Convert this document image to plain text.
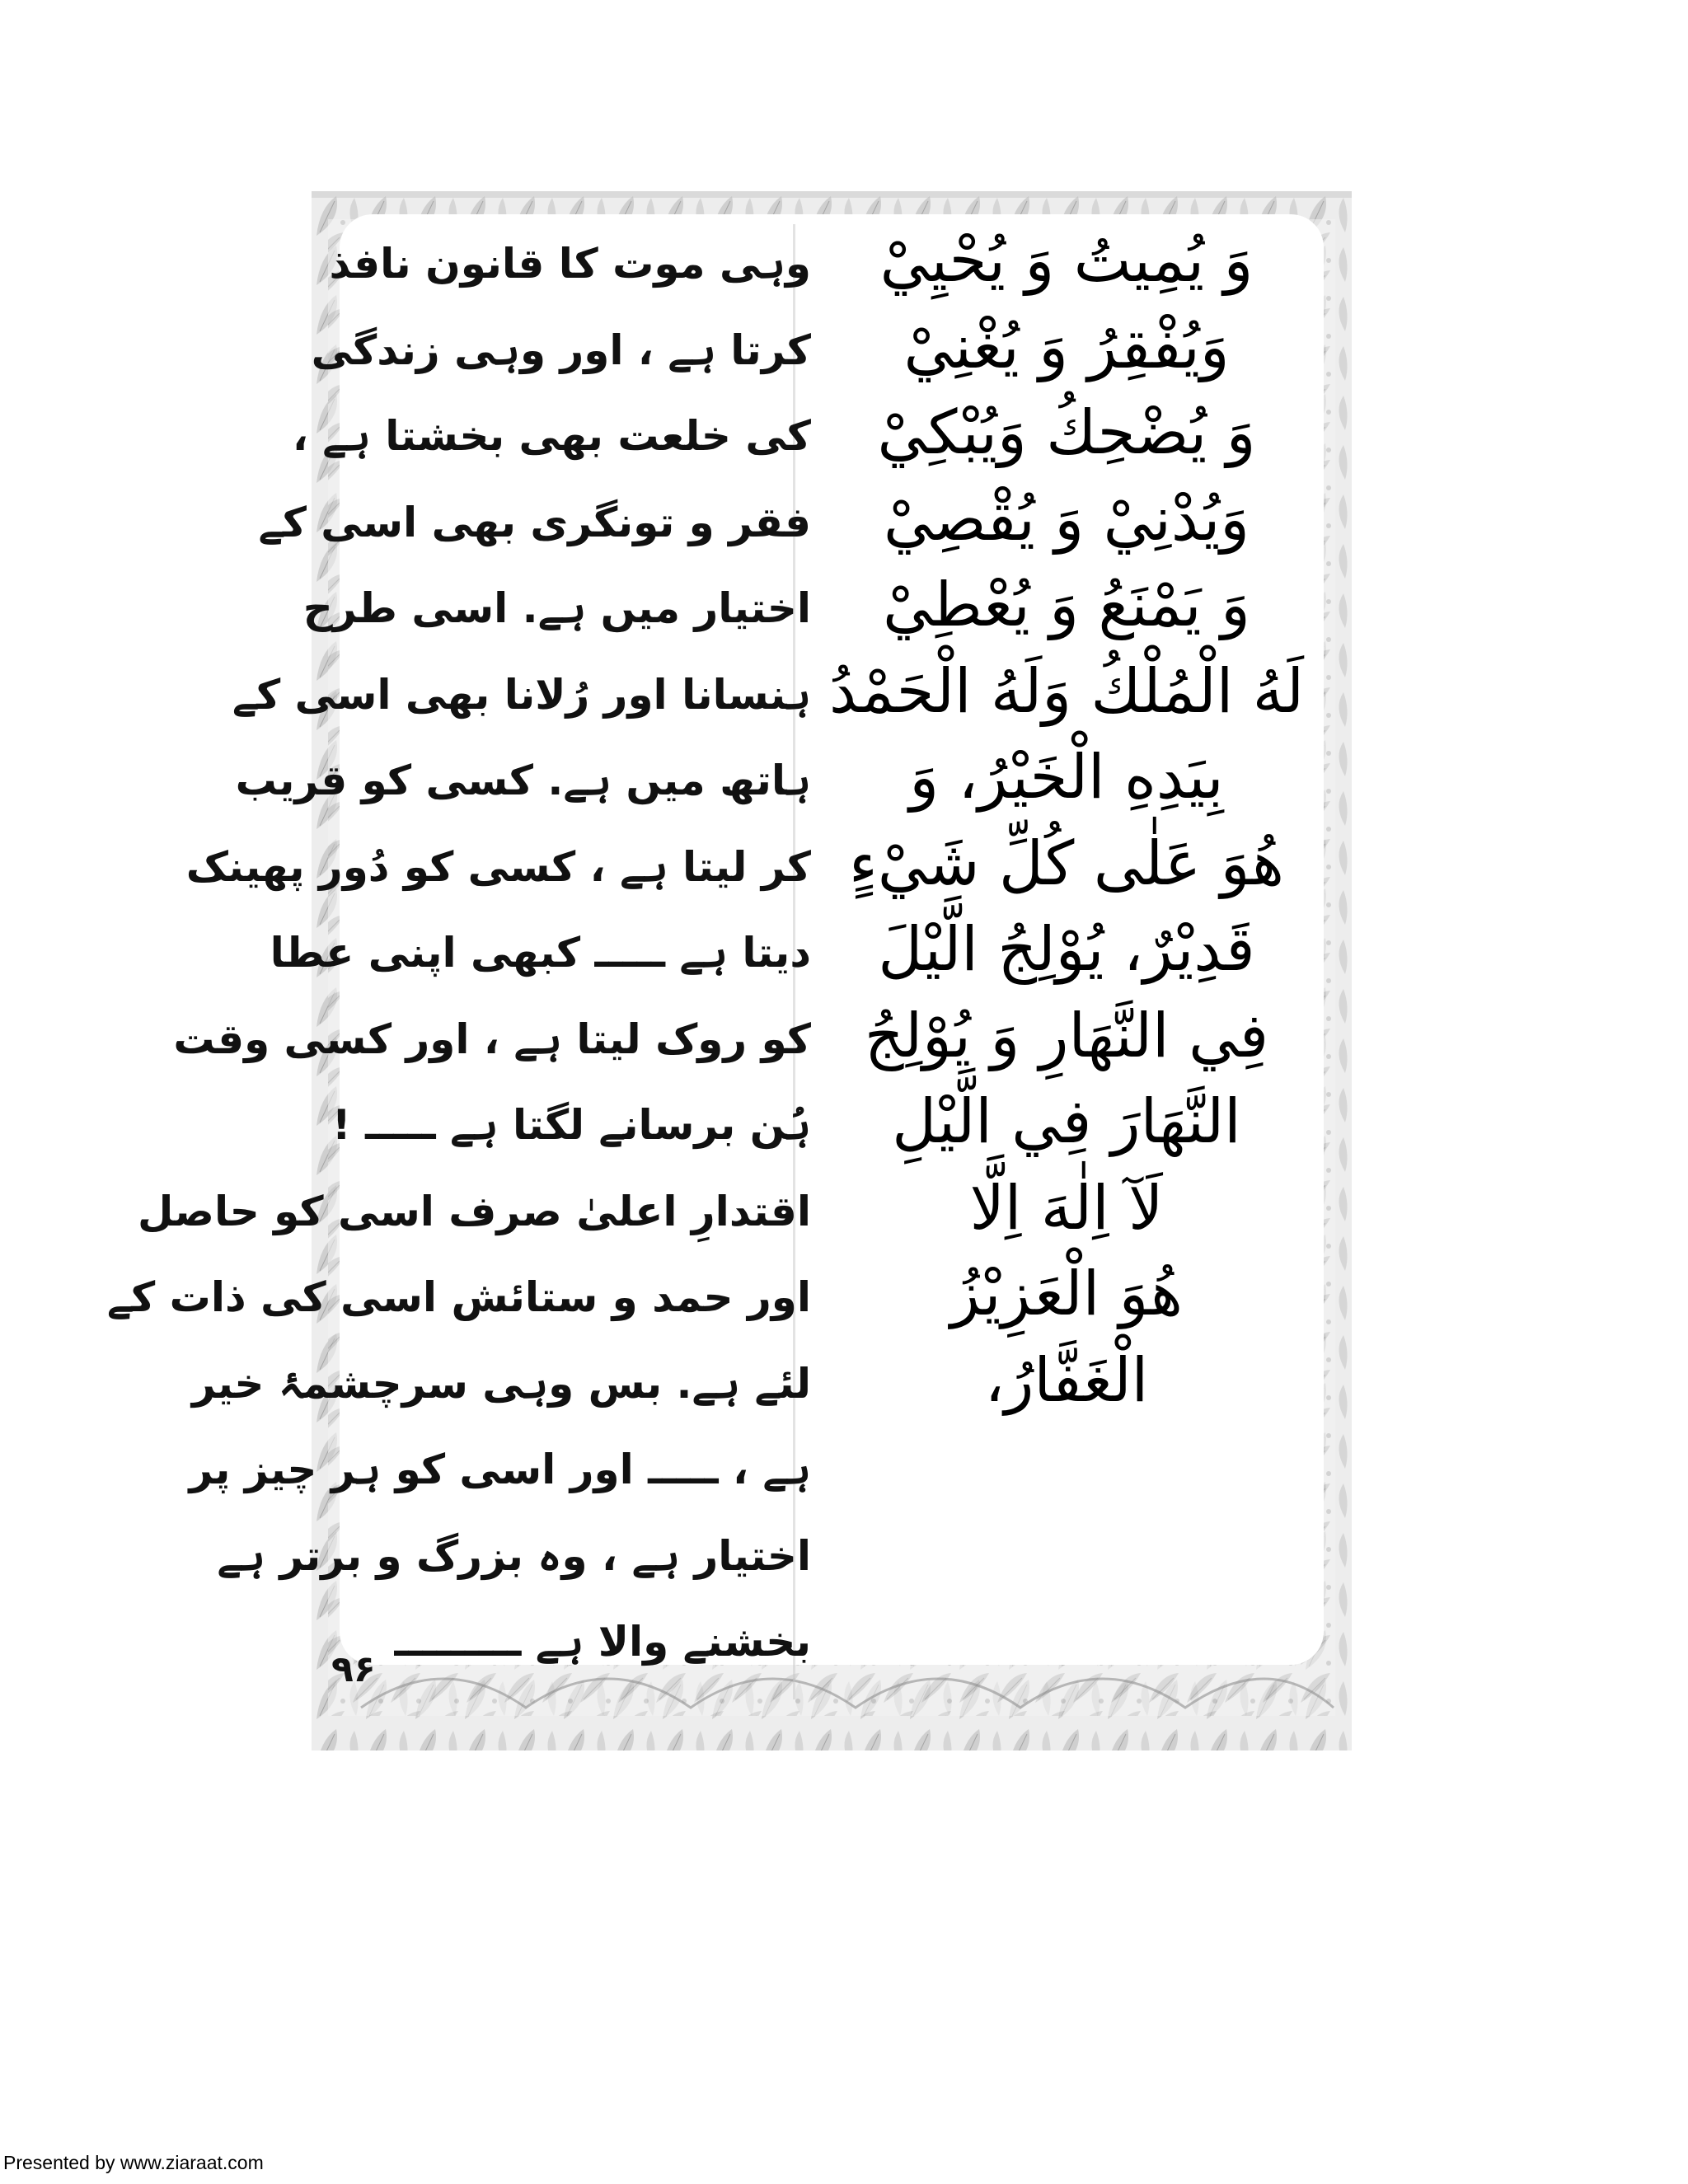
وہی موت کا قانون نافذ
کرتا ہے ، اور وہی زندگی
کی خلعت بھی بخشتا ہے ،
فقر و تونگری بھی اسی کے
اختیار میں ہے. اسی طرح
ہنسانا اور رُلانا بھی اسی کے
ہاتھ میں ہے. کسی کو قریب
کر لیتا ہے ، کسی کو دُور پھینک
دیتا ہے ـــــ کبھی اپنی عطا
کو روک لیتا ہے ، اور کسی وقت
ہُن برسانے لگتا ہے ـــــ !
اقتدارِ اعلیٰ صرف اسی کو حاصل
اور حمد و ستائش اسی کی ذات کے
لئے ہے. بس وہی سرچشمۂ خیر
ہے ، ـــــ اور اسی کو ہر چیز پر
اختیار ہے ، وہ بزرگ و برتر ہے
بخشنے والا ہے ـــــــــ
وَ يُمِيتُ وَ يُحْيِيْ
وَيُفْقِرُ وَ يُغْنِيْ
وَ يُضْحِكُ وَيُبْكِيْ
وَيُدْنِيْ وَ يُقْصِيْ
وَ يَمْنَعُ وَ يُعْطِيْ
لَهُ الْمُلْكُ وَلَهُ الْحَمْدُ
بِيَدِهِ الْخَيْرُ، وَ
هُوَ عَلٰى كُلِّ شَيْءٍ
قَدِيْرٌ، يُوْلِجُ الَّيْلَ
فِي النَّهَارِ وَ يُوْلِجُ
النَّهَارَ فِي الَّيْلِ
لَآ اِلٰهَ اِلَّا
هُوَ الْعَزِيْزُ
الْغَفَّارُ،
۹۶
Presented by www.ziaraat.com
